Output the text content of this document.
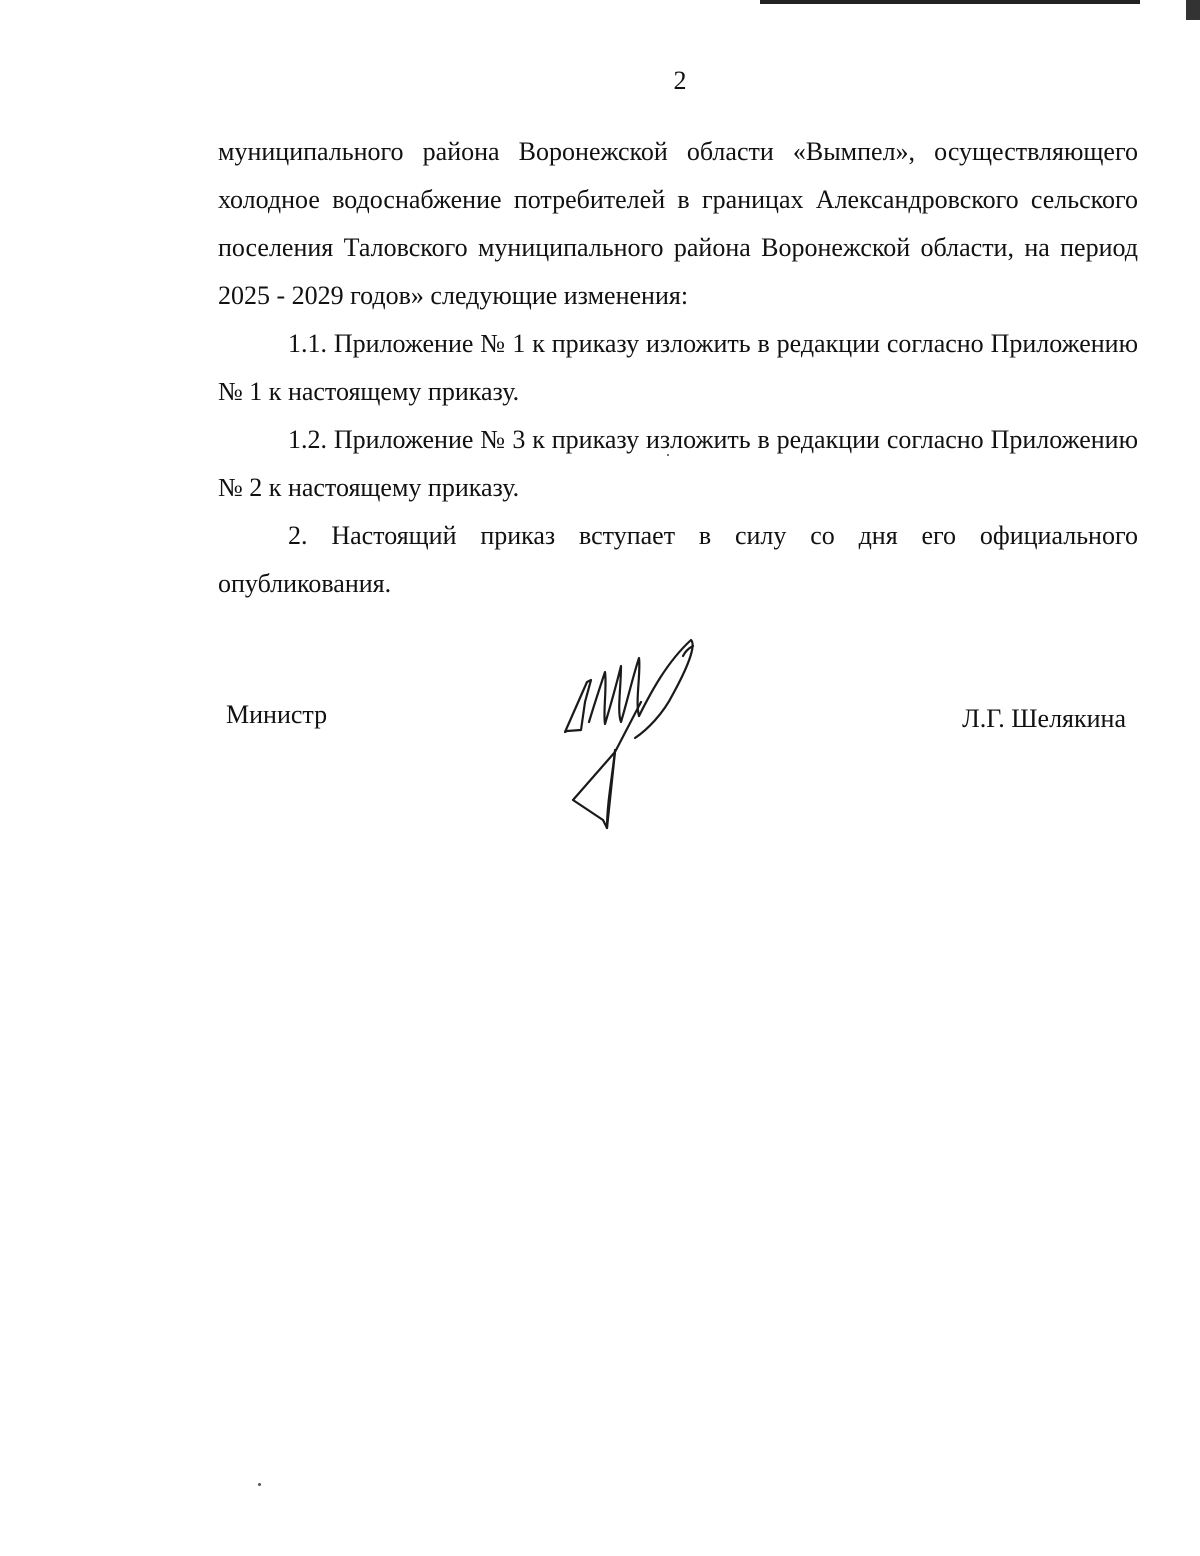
2

муниципального района Воронежской области «Вымпел», осуществляющего холодное водоснабжение потребителей в границах Александровского сельского поселения Таловского муниципального района Воронежской области, на период 2025 - 2029 годов» следующие изменения:

1.1. Приложение № 1 к приказу изложить в редакции согласно Приложению № 1 к настоящему приказу.

1.2. Приложение № 3 к приказу изложить в редакции согласно Приложению № 2 к настоящему приказу.

2. Настоящий приказ вступает в силу со дня его официального опубликования.

Министр	Л.Г. Шелякина
